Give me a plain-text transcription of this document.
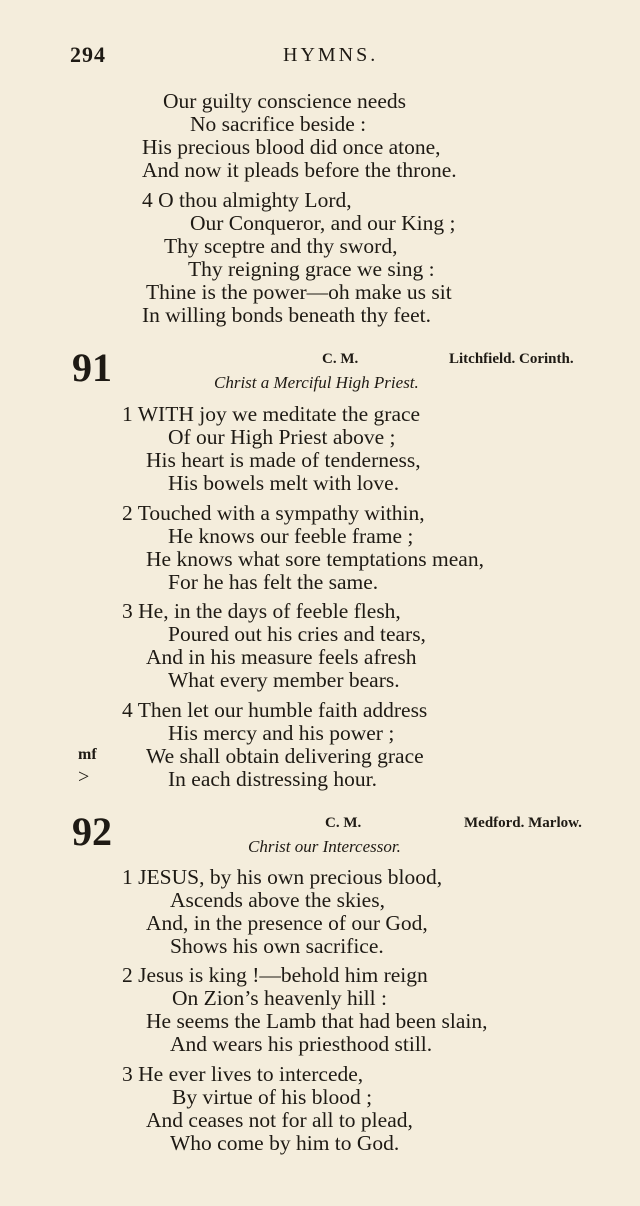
294	HYMNS.
Our guilty conscience needs
No sacrifice beside :
His precious blood did once atone,
And now it pleads before the throne.
4 O thou almighty Lord,
Our Conqueror, and our King ;
Thy sceptre and thy sword,
Thy reigning grace we sing :
Thine is the power—oh make us sit
In willing bonds beneath thy feet.
91	C. M.	Litchfield. Corinth.
Christ a Merciful High Priest.
1 WITH joy we meditate the grace
Of our High Priest above ;
His heart is made of tenderness,
His bowels melt with love.
2 Touched with a sympathy within,
He knows our feeble frame ;
He knows what sore temptations mean,
For he has felt the same.
3 He, in the days of feeble flesh,
Poured out his cries and tears,
And in his measure feels afresh
What every member bears.
4 Then let our humble faith address
His mercy and his power ;
We shall obtain delivering grace
In each distressing hour.
mf
>
92	C. M.	Medford. Marlow.
Christ our Intercessor.
1 JESUS, by his own precious blood,
Ascends above the skies,
And, in the presence of our God,
Shows his own sacrifice.
2 Jesus is king !—behold him reign
On Zion’s heavenly hill :
He seems the Lamb that had been slain,
And wears his priesthood still.
3 He ever lives to intercede,
By virtue of his blood ;
And ceases not for all to plead,
Who come by him to God.
